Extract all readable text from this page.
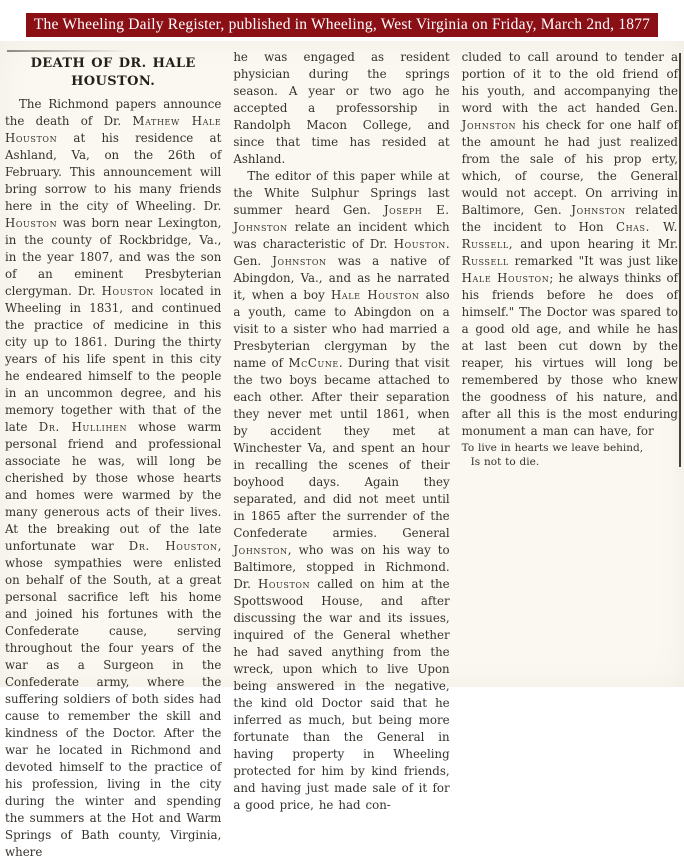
The Wheeling Daily Register, published in Wheeling, West Virginia on Friday, March 2nd, 1877
DEATH OF DR. HALE HOUSTON.

The Richmond papers announce the death of Dr. Mathew Hale Houston at his residence at Ashland, Va, on the 26th of February. This announcement will bring sorrow to his many friends here in the city of Wheeling. Dr. Houston was born near Lexington, in the county of Rockbridge, Va., in the year 1807, and was the son of an eminent Presbyterian clergyman. Dr. Houston located in Wheeling in 1831, and continued the practice of medicine in this city up to 1861. During the thirty years of his life spent in this city he endeared himself to the people in an uncommon degree, and his memory together with that of the late Dr. Hullihen whose warm personal friend and professional associate he was, will long be cherished by those whose hearts and homes were warmed by the many generous acts of their lives. At the breaking out of the late unfortunate war Dr. Houston, whose sympathies were enlisted on behalf of the South, at a great personal sacrifice left his home and joined his fortunes with the Confederate cause, serving throughout the four years of the war as a Surgeon in the Confederate army, where the suffering soldiers of both sides had cause to remember the skill and kindness of the Doctor. After the war he located in Richmond and devoted himself to the practice of his profession, living in the city during the winter and spending the summers at the Hot and Warm Springs of Bath county, Virginia, where

he was engaged as resident physician during the springs season. A year or two ago he accepted a professorship in Randolph Macon College, and since that time has resided at Ashland.

The editor of this paper while at the White Sulphur Springs last summer heard Gen. Joseph E. Johnston relate an incident which was characteristic of Dr. Houston. Gen. Johnston was a native of Abingdon, Va., and as he narrated it, when a boy Hale Houston also a youth, came to Abingdon on a visit to a sister who had married a Presbyterian clergyman by the name of McCune. During that visit the two boys became attached to each other. After their separation they never met until 1861, when by accident they met at Winchester Va, and spent an hour in recalling the scenes of their boyhood days. Again they separated, and did not meet until in 1865 after the surrender of the Confederate armies. General Johnston, who was on his way to Baltimore, stopped in Richmond. Dr. Houston called on him at the Spottswood House, and after discussing the war and its issues, inquired of the General whether he had saved anything from the wreck, upon which to live Upon being answered in the negative, the kind old Doctor said that he inferred as much, but being more fortunate than the General in having property in Wheeling protected for him by kind friends, and having just made sale of it for a good price, he had con-

cluded to call around to tender a portion of it to the old friend of his youth, and accompanying the word with the act handed Gen. Johnston his check for one half of the amount he had just realized from the sale of his prop erty, which, of course, the General would not accept. On arriving in Baltimore, Gen. Johnston related the incident to Hon Chas. W. Russell, and upon hearing it Mr. Russell remarked "It was just like Hale Houston; he always thinks of his friends before he does of himself." The Doctor was spared to a good old age, and while he has at last been cut down by the reaper, his virtues will long be remembered by those who knew the goodness of his nature, and after all this is the most enduring monument a man can have, for

To live in hearts we leave behind,
Is not to die.
